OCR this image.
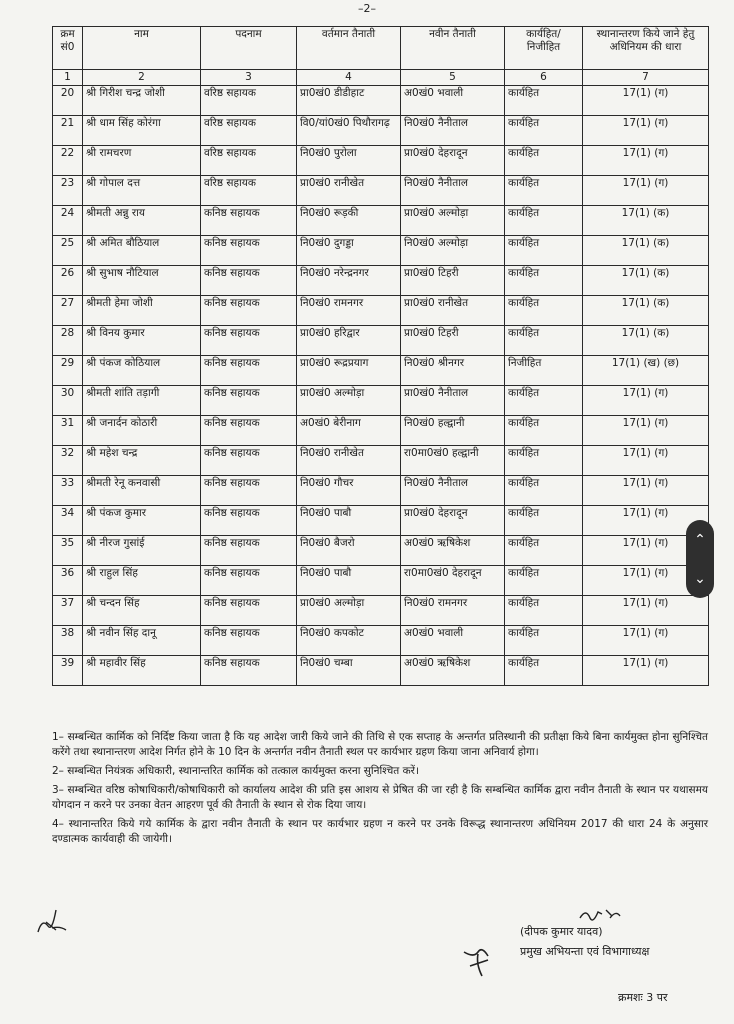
–2–
क्रम सं0	नाम	पदनाम	वर्तमान तैनाती	नवीन तैनाती	कार्यहित/ निजीहित	स्थानान्तरण किये जाने हेतु अधिनियम की धारा
1	2	3	4	5	6	7
20	श्री गिरीश चन्द्र जोशी	वरिष्ठ सहायक	प्रा0खं0 डीडीहाट	अ0खं0 भवाली	कार्यहित	17(1) (ग)
21	श्री धाम सिंह कोरंगा	वरिष्ठ सहायक	वि0/यां0खं0 पिथौरागढ़	नि0खं0 नैनीताल	कार्यहित	17(1) (ग)
22	श्री रामचरण	वरिष्ठ सहायक	नि0खं0 पुरोला	प्रा0खं0 देहरादून	कार्यहित	17(1) (ग)
23	श्री गोपाल दत्त	वरिष्ठ सहायक	प्रा0खं0 रानीखेत	नि0खं0 नैनीताल	कार्यहित	17(1) (ग)
24	श्रीमती अन्नु राय	कनिष्ठ सहायक	नि0खं0 रूड़की	प्रा0खं0 अल्मोड़ा	कार्यहित	17(1) (क)
25	श्री अमित बौठियाल	कनिष्ठ सहायक	नि0खं0 दुगड्डा	नि0खं0 अल्मोड़ा	कार्यहित	17(1) (क)
26	श्री सुभाष नौटियाल	कनिष्ठ सहायक	नि0खं0 नरेन्द्रनगर	प्रा0खं0 टिहरी	कार्यहित	17(1) (क)
27	श्रीमती हेमा जोशी	कनिष्ठ सहायक	नि0खं0 रामनगर	प्रा0खं0 रानीखेत	कार्यहित	17(1) (क)
28	श्री विनय कुमार	कनिष्ठ सहायक	प्रा0खं0 हरिद्वार	प्रा0खं0 टिहरी	कार्यहित	17(1) (क)
29	श्री पंकज कोठियाल	कनिष्ठ सहायक	प्रा0खं0 रूद्रप्रयाग	नि0खं0 श्रीनगर	निजीहित	17(1) (ख) (छ)
30	श्रीमती शांति तड़ागी	कनिष्ठ सहायक	प्रा0खं0 अल्मोड़ा	प्रा0खं0 नैनीताल	कार्यहित	17(1) (ग)
31	श्री जनार्दन कोठारी	कनिष्ठ सहायक	अ0खं0 बेरीनाग	नि0खं0 हल्द्वानी	कार्यहित	17(1) (ग)
32	श्री महेश चन्द्र	कनिष्ठ सहायक	नि0खं0 रानीखेत	रा0मा0खं0 हल्द्वानी	कार्यहित	17(1) (ग)
33	श्रीमती रेनू कनवासी	कनिष्ठ सहायक	नि0खं0 गौचर	नि0खं0 नैनीताल	कार्यहित	17(1) (ग)
34	श्री पंकज कुमार	कनिष्ठ सहायक	नि0खं0 पाबौ	प्रा0खं0 देहरादून	कार्यहित	17(1) (ग)
35	श्री नीरज गुसांई	कनिष्ठ सहायक	नि0खं0 बैजरो	अ0खं0 ऋषिकेश	कार्यहित	17(1) (ग)
36	श्री राहुल सिंह	कनिष्ठ सहायक	नि0खं0 पाबौ	रा0मा0खं0 देहरादून	कार्यहित	17(1) (ग)
37	श्री चन्दन सिंह	कनिष्ठ सहायक	प्रा0खं0 अल्मोड़ा	नि0खं0 रामनगर	कार्यहित	17(1) (ग)
38	श्री नवीन सिंह दानू	कनिष्ठ सहायक	नि0खं0 कपकोट	अ0खं0 भवाली	कार्यहित	17(1) (ग)
39	श्री महावीर सिंह	कनिष्ठ सहायक	नि0खं0 चम्बा	अ0खं0 ऋषिकेश	कार्यहित	17(1) (ग)

1– सम्बन्धित कार्मिक को निर्दिष्ट किया जाता है कि यह आदेश जारी किये जाने की तिथि से एक सप्ताह के अन्तर्गत प्रतिस्थानी की प्रतीक्षा किये बिना कार्यमुक्त होना सुनिश्चित करेंगे तथा स्थानान्तरण आदेश निर्गत होने के 10 दिन के अन्तर्गत नवीन तैनाती स्थल पर कार्यभार ग्रहण किया जाना अनिवार्य होगा।

2– सम्बन्धित नियंत्रक अधिकारी, स्थानान्तरित कार्मिक को तत्काल कार्यमुक्त करना सुनिश्चित करें।

3– सम्बन्धित वरिष्ठ कोषाधिकारी/कोषाधिकारी को कार्यालय आदेश की प्रति इस आशय से प्रेषित की जा रही है कि सम्बन्धित कार्मिक द्वारा नवीन तैनाती के स्थान पर यथासमय योगदान न करने पर उनका वेतन आहरण पूर्व की तैनाती के स्थान से रोक दिया जाय।

4– स्थानान्तरित किये गये कार्मिक के द्वारा नवीन तैनाती के स्थान पर कार्यभार ग्रहण न करने पर उनके विरूद्ध स्थानान्तरण अधिनियम 2017 की धारा 24 के अनुसार दण्डात्मक कार्यवाही की जायेगी।

(दीपक कुमार यादव)
प्रमुख अभियन्ता एवं विभागाध्यक्ष
क्रमशः 3 पर
⌃
⌄
